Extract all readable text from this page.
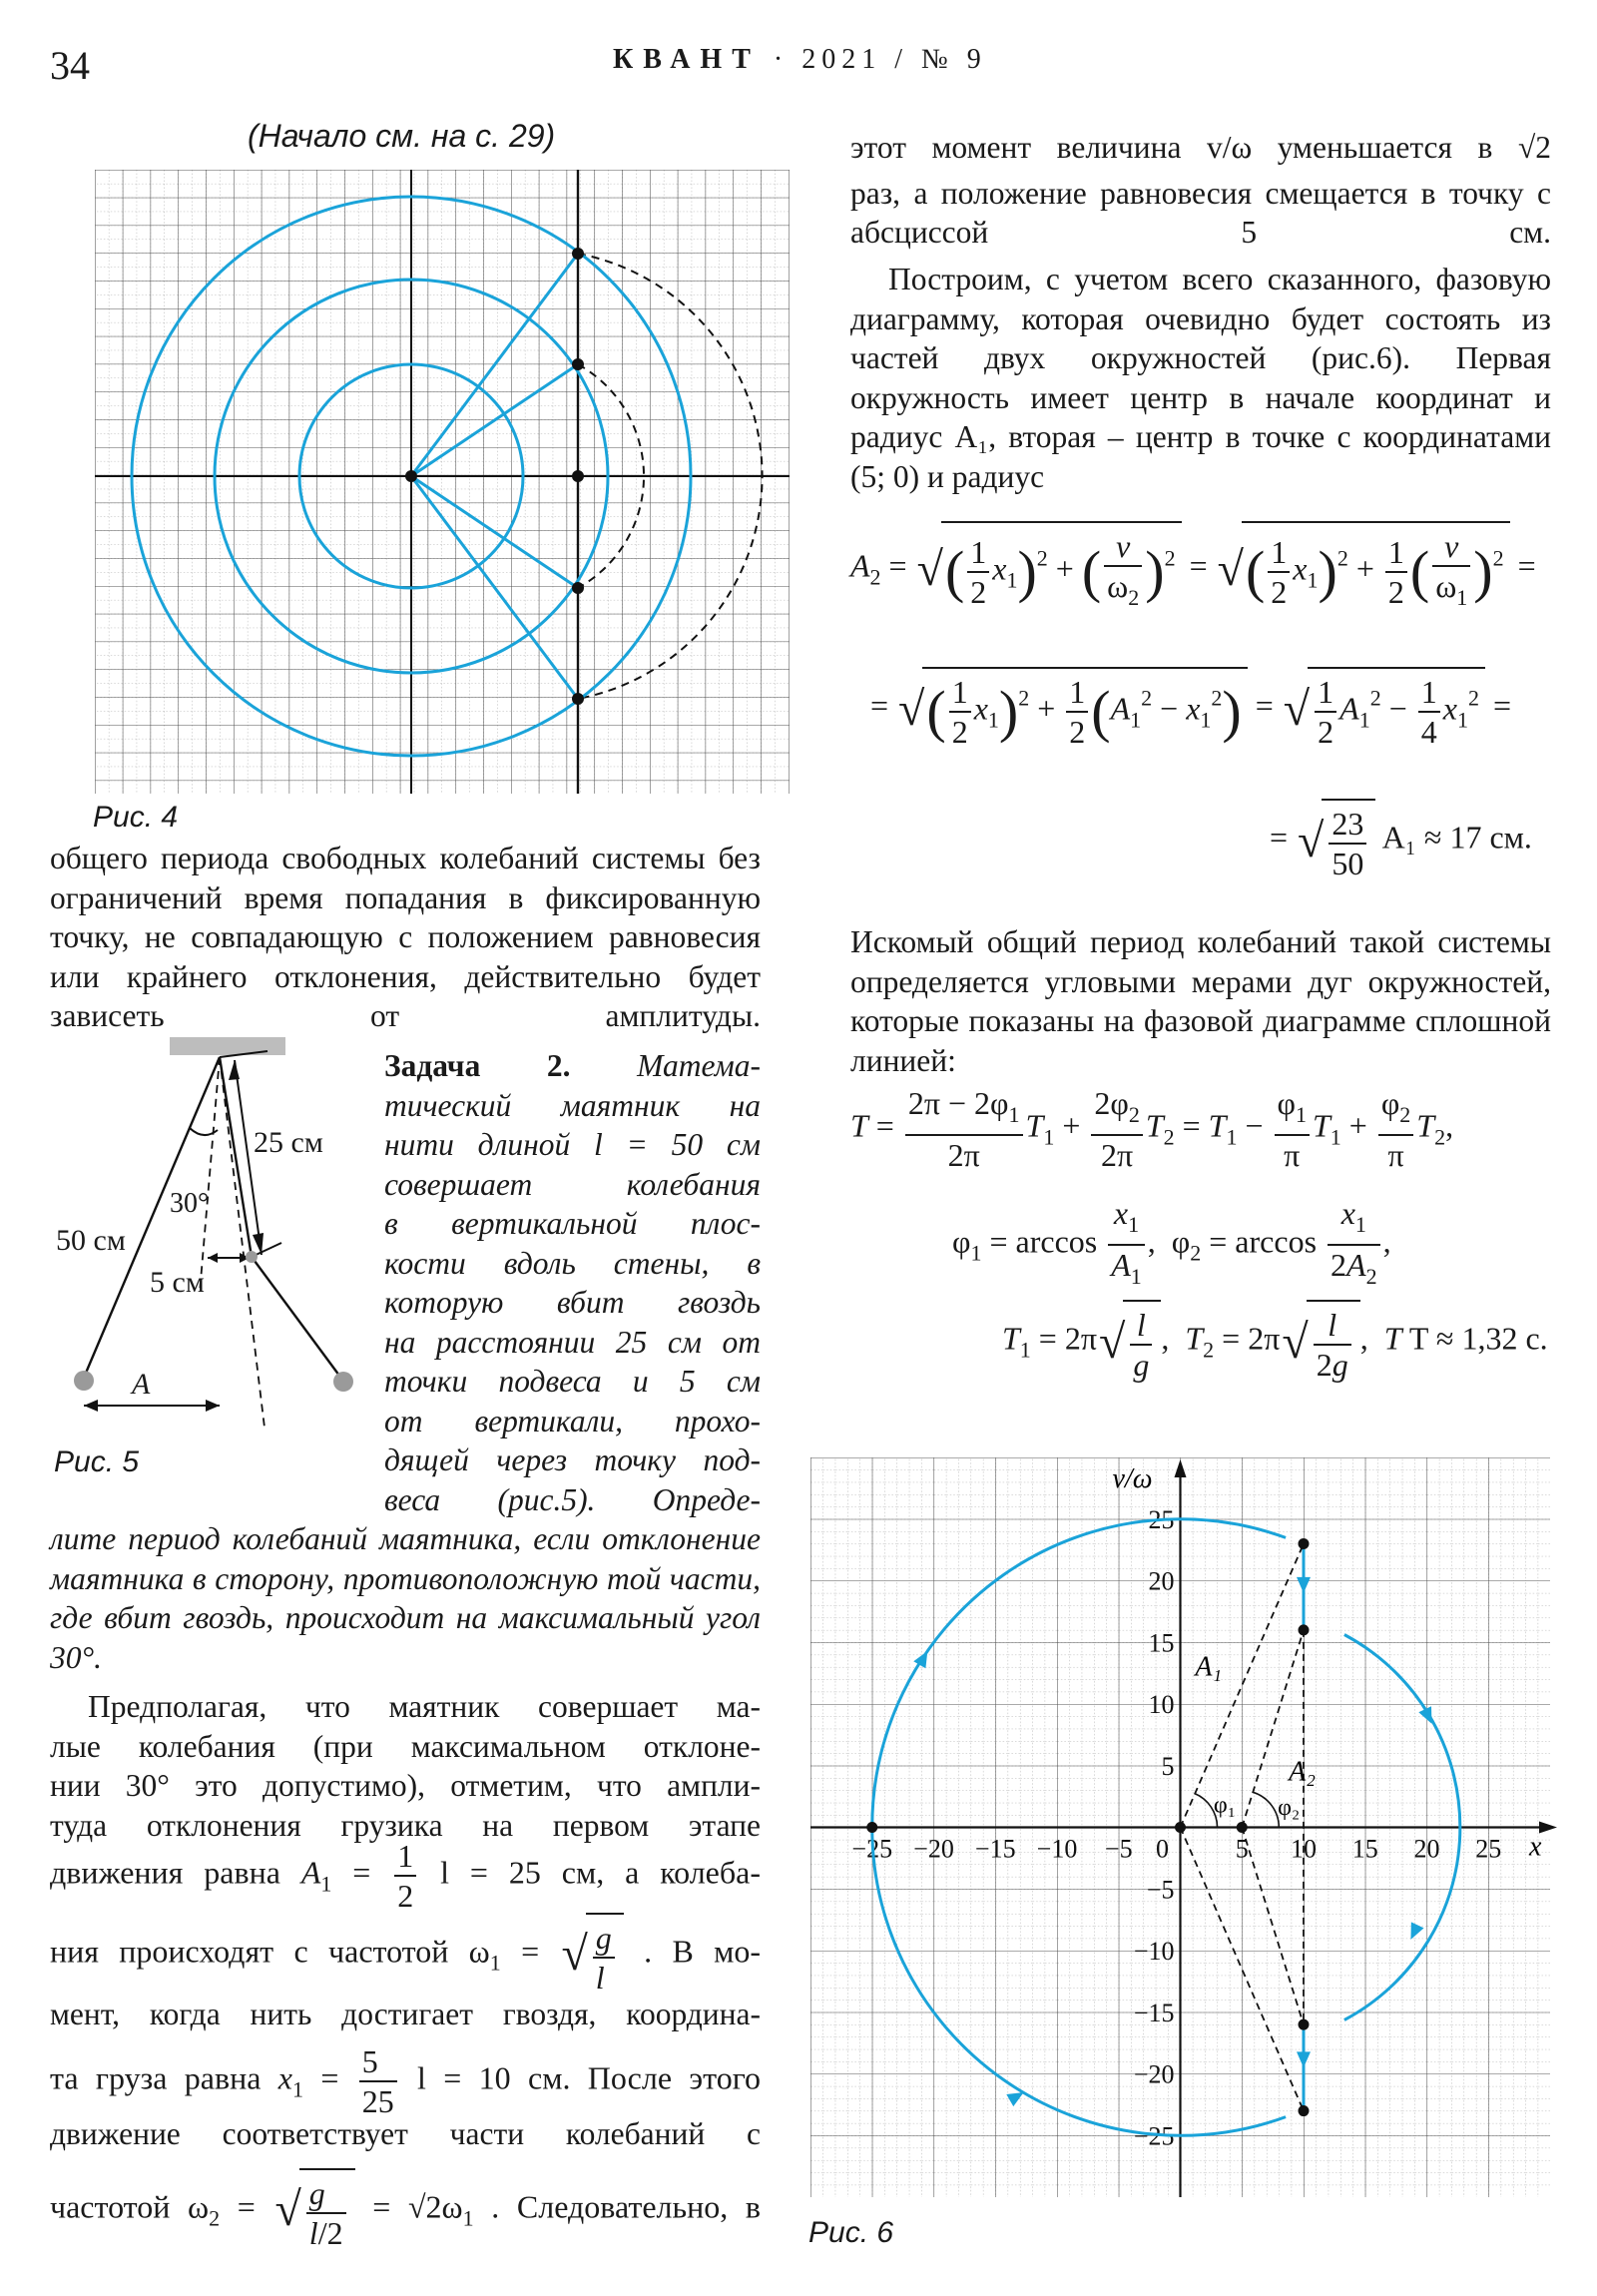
34	КВАНТ · 2021 / № 9
(Начало см. на с. 29)
Рис. 4

общего периода свободных колебаний системы без ограничений время попадания в фиксированную точку, не совпадающую с положением равновесия или крайнего отклонения, действительно будет зависеть от амплитуды.

25 см
50 см
30°
5 см
A
Рис. 5

Задача 2. Матема-

тический маятник на

нити длиной l = 50 см

совершает колебания

в вертикальной плос-

кости вдоль стены, в

которую вбит гвоздь

на расстоянии 25 см от

точки подвеса и 5 см

от вертикали, прохо-

дящей через точку под-

веса (рис.5). Опреде-

лите период колебаний маятника, если отклонение маятника в сторону, противоположную той части, где вбит гвоздь, происходит на максимальный угол 30°.

Предполагая, что маятник совершает ма-

лые колебания (при максимальном отклоне-

нии 30° это допустимо), отметим, что ампли-

туда отклонения грузика на первом этапе

движения равна $A_1 = \frac{1}{2}$ l = 25 см, а колеба-
ния происходят с частотой $\omega_1$ = √ $\frac{g}{l}$ . В мо-

мент, когда нить достигает гвоздя, координа-

та груза равна $x_1 = \frac{5}{25}$ l = 10 см. После этого

движение соответствует части колебаний с

частотой $\omega_2$ = √ $\frac{g}{l/2} = √2\omega_1$ . Следовательно, в

этот момент величина v/ω уменьшается в √2

раз, а положение равновесия смещается в точку с абсциссой 5 см.

Построим, с учетом всего сказанного, фазовую диаграмму, которая очевидно будет состоять из частей двух окружностей (рис.6). Первая окружность имеет центр в начале координат и радиус A₁, вторая – центр в точке с координатами (5; 0) и радиус

$A_2$ = √( $\frac{1}{2} x_1)^2$ + ( $\frac{v}{\omega_2} )^2$ = √( $\frac{1}{2} x_1)^2 + \frac{1}{2}$ ( $\frac{v}{\omega_1} )^2$ =
= √( $\frac{1}{2} x_1)^2 + \frac{1}{2} (A_1^2 - x_1^2)$ = √ $\frac{1}{2} A_1^2 - \frac{1}{4} x_1^2$ =
= √ $\frac{23}{50} A_1 \approx 17$ см.

Искомый общий период колебаний такой системы определяется угловыми мерами дуг окружностей, которые показаны на фазовой диаграмме сплошной линией:

$T = \frac{2\pi - 2\varphi_1}{2\pi} T_1 + \frac{2\varphi_2}{2\pi} T_2 = T_1 - \frac{\varphi_1}{\pi} T_1 + \frac{\varphi_2}{\pi} T_2$,
$\varphi_1 = \arccos \frac{x_1}{A_1}$ ,  $\varphi_2 = \arccos \frac{x_1}{2A_2}$ ,
$T_1 = 2\pi√ \frac{l}{g}$ ,  $T_2 = 2\pi√ \frac{l}{2g}$ ,  T T ≈ 1,32 с.
x
v/ω
−25 −20 −15 −10 −5 0	5 10 15 20 25
−25
−20
−15
−10
−5
5
10
15
20
25
A₁
A₂
φ₁ φ₂
Рис. 6
